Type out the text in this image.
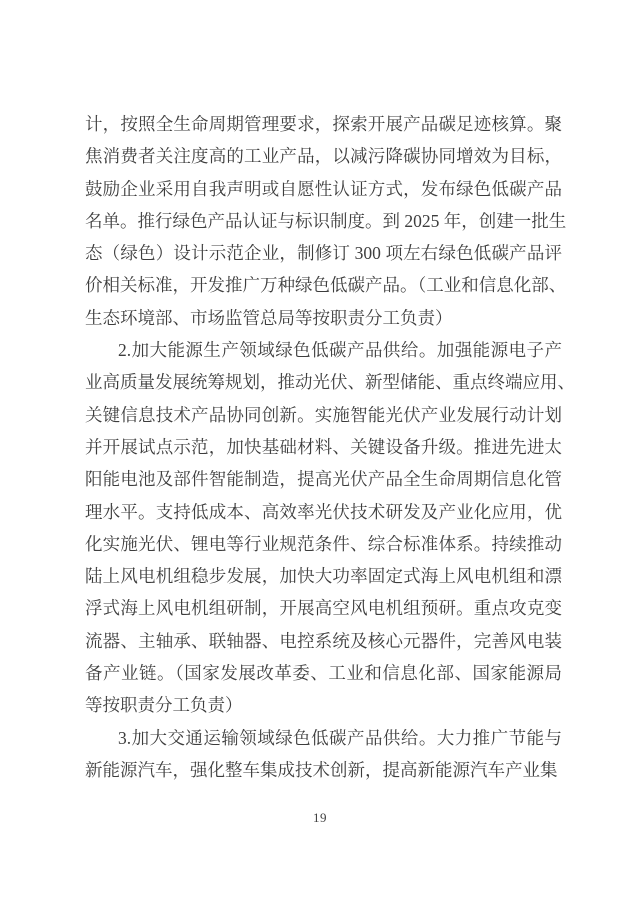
计，按照全生命周期管理要求，探索开展产品碳足迹核算。聚
焦消费者关注度高的工业产品，以减污降碳协同增效为目标，
鼓励企业采用自我声明或自愿性认证方式，发布绿色低碳产品
名单。推行绿色产品认证与标识制度。到 2025 年，创建一批生
态（绿色）设计示范企业，制修订 300 项左右绿色低碳产品评
价相关标准，开发推广万种绿色低碳产品。（工业和信息化部、
生态环境部、市场监管总局等按职责分工负责）
2.加大能源生产领域绿色低碳产品供给。加强能源电子产
业高质量发展统筹规划，推动光伏、新型储能、重点终端应用、
关键信息技术产品协同创新。实施智能光伏产业发展行动计划
并开展试点示范，加快基础材料、关键设备升级。推进先进太
阳能电池及部件智能制造，提高光伏产品全生命周期信息化管
理水平。支持低成本、高效率光伏技术研发及产业化应用，优
化实施光伏、锂电等行业规范条件、综合标准体系。持续推动
陆上风电机组稳步发展，加快大功率固定式海上风电机组和漂
浮式海上风电机组研制，开展高空风电机组预研。重点攻克变
流器、主轴承、联轴器、电控系统及核心元器件，完善风电装
备产业链。（国家发展改革委、工业和信息化部、国家能源局
等按职责分工负责）
3.加大交通运输领域绿色低碳产品供给。大力推广节能与
新能源汽车，强化整车集成技术创新，提高新能源汽车产业集
19
